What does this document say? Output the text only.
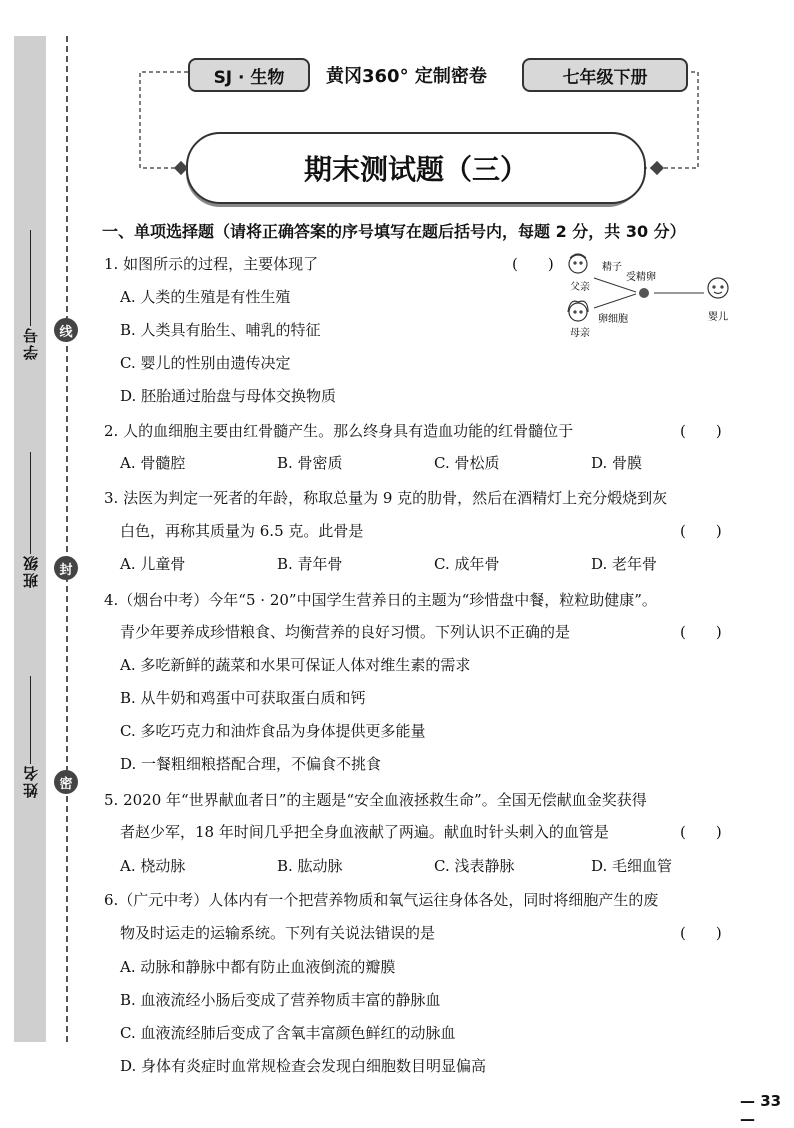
学号
班级
姓名
线
封
密
SJ · 生物	黄冈360° 定制密卷	七年级下册
期末测试题（三）
一、单项选择题（请将正确答案的序号填写在题后括号内，每题 2 分，共 30 分）
1. 如图所示的过程，主要体现了	(　　)
A. 人类的生殖是有性生殖
B. 人类具有胎生、哺乳的特征
C. 婴儿的性别由遗传决定
D. 胚胎通过胎盘与母体交换物质
父亲
母亲
精子
卵细胞
受精卵
婴儿
2. 人的血细胞主要由红骨髓产生。那么终身具有造血功能的红骨髓位于	(　　)
A. 骨髓腔	B. 骨密质	C. 骨松质	D. 骨膜
3. 法医为判定一死者的年龄，称取总量为 9 克的肋骨，然后在酒精灯上充分煅烧到灰
白色，再称其质量为 6.5 克。此骨是	(　　)
A. 儿童骨	B. 青年骨	C. 成年骨	D. 老年骨
4.（烟台中考）今年“5 · 20”中国学生营养日的主题为“珍惜盘中餐，粒粒助健康”。
青少年要养成珍惜粮食、均衡营养的良好习惯。下列认识不正确的是	(　　)
A. 多吃新鲜的蔬菜和水果可保证人体对维生素的需求
B. 从牛奶和鸡蛋中可获取蛋白质和钙
C. 多吃巧克力和油炸食品为身体提供更多能量
D. 一餐粗细粮搭配合理，不偏食不挑食
5. 2020 年“世界献血者日”的主题是“安全血液拯救生命”。全国无偿献血金奖获得
者赵少军，18 年时间几乎把全身血液献了两遍。献血时针头刺入的血管是	(　　)
A. 桡动脉	B. 肱动脉	C. 浅表静脉	D. 毛细血管
6.（广元中考）人体内有一个把营养物质和氧气运往身体各处，同时将细胞产生的废
物及时运走的运输系统。下列有关说法错误的是	(　　)
A. 动脉和静脉中都有防止血液倒流的瓣膜
B. 血液流经小肠后变成了营养物质丰富的静脉血
C. 血液流经肺后变成了含氧丰富颜色鲜红的动脉血
D. 身体有炎症时血常规检查会发现白细胞数目明显偏高
— 33 —
